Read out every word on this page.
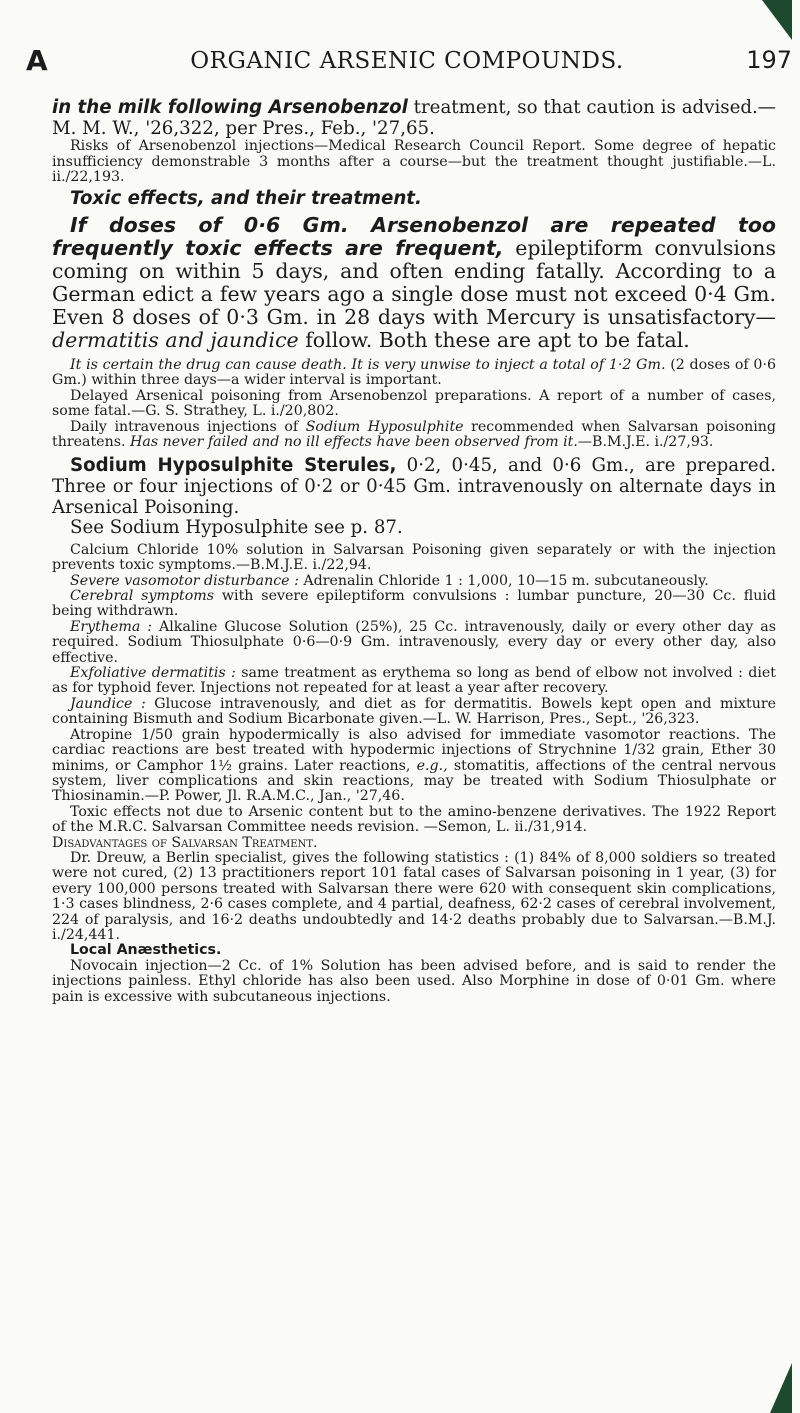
A	ORGANIC ARSENIC COMPOUNDS.	197

in the milk following Arsenobenzol treatment, so that caution is advised.—M. M. W., '26,322, per Pres., Feb., '27,65.

Risks of Arsenobenzol injections—Medical Research Council Report. Some degree of hepatic insufficiency demonstrable 3 months after a course—but the treatment thought justifiable.—L. ii./22,193.

Toxic effects, and their treatment.

If doses of 0·6 Gm. Arsenobenzol are repeated too frequently toxic effects are frequent, epileptiform convulsions coming on within 5 days, and often ending fatally. According to a German edict a few years ago a single dose must not exceed 0·4 Gm. Even 8 doses of 0·3 Gm. in 28 days with Mercury is unsatisfactory—dermatitis and jaundice follow. Both these are apt to be fatal.

It is certain the drug can cause death. It is very unwise to inject a total of 1·2 Gm. (2 doses of 0·6 Gm.) within three days—a wider interval is important.

Delayed Arsenical poisoning from Arsenobenzol preparations. A report of a number of cases, some fatal.—G. S. Strathey, L. i./20,802.

Daily intravenous injections of Sodium Hyposulphite recommended when Salvarsan poisoning threatens. Has never failed and no ill effects have been observed from it.—B.M.J.E. i./27,93.

Sodium Hyposulphite Sterules, 0·2, 0·45, and 0·6 Gm., are prepared. Three or four injections of 0·2 or 0·45 Gm. intravenously on alternate days in Arsenical Poisoning.

See Sodium Hyposulphite see p. 87.

Calcium Chloride 10% solution in Salvarsan Poisoning given separately or with the injection prevents toxic symptoms.—B.M.J.E. i./22,94.

Severe vasomotor disturbance : Adrenalin Chloride 1 : 1,000, 10—15 m. subcutaneously.

Cerebral symptoms with severe epileptiform convulsions : lumbar puncture, 20—30 Cc. fluid being withdrawn.

Erythema : Alkaline Glucose Solution (25%), 25 Cc. intravenously, daily or every other day as required. Sodium Thiosulphate 0·6—0·9 Gm. intravenously, every day or every other day, also effective.

Exfoliative dermatitis : same treatment as erythema so long as bend of elbow not involved : diet as for typhoid fever. Injections not repeated for at least a year after recovery.

Jaundice : Glucose intravenously, and diet as for dermatitis. Bowels kept open and mixture containing Bismuth and Sodium Bicarbonate given.—L. W. Harrison, Pres., Sept., '26,323.

Atropine 1/50 grain hypodermically is also advised for immediate vasomotor reactions. The cardiac reactions are best treated with hypodermic injections of Strychnine 1/32 grain, Ether 30 minims, or Camphor 1½ grains. Later reactions, e.g., stomatitis, affections of the central nervous system, liver complications and skin reactions, may be treated with Sodium Thiosulphate or Thiosinamin.—P. Power, Jl. R.A.M.C., Jan., '27,46.

Toxic effects not due to Arsenic content but to the amino-benzene derivatives. The 1922 Report of the M.R.C. Salvarsan Committee needs revision. —Semon, L. ii./31,914.

Disadvantages of Salvarsan Treatment.

Dr. Dreuw, a Berlin specialist, gives the following statistics : (1) 84% of 8,000 soldiers so treated were not cured, (2) 13 practitioners report 101 fatal cases of Salvarsan poisoning in 1 year, (3) for every 100,000 persons treated with Salvarsan there were 620 with consequent skin complications, 1·3 cases blindness, 2·6 cases complete, and 4 partial, deafness, 62·2 cases of cerebral involvement, 224 of paralysis, and 16·2 deaths undoubtedly and 14·2 deaths probably due to Salvarsan.—B.M.J. i./24,441.

Local Anæsthetics.

Novocain injection—2 Cc. of 1% Solution has been advised before, and is said to render the injections painless. Ethyl chloride has also been used. Also Morphine in dose of 0·01 Gm. where pain is excessive with subcutaneous injections.
